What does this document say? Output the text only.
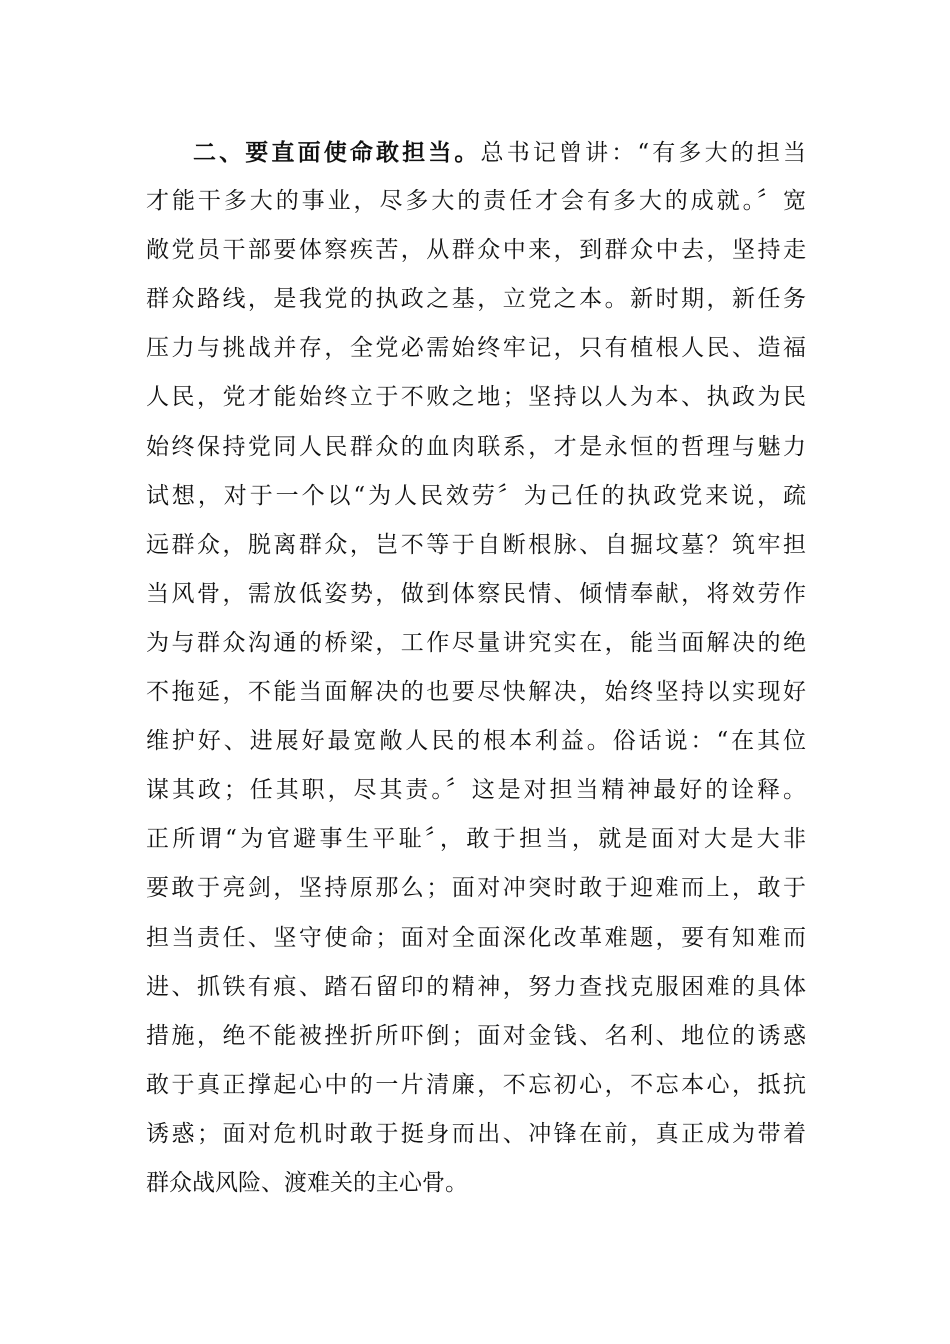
二、要直面使命敢担当。总书记曾讲：“有多大的担当
才能干多大的事业，尽多大的责任才会有多大的成就。〞宽
敞党员干部要体察疾苦，从群众中来，到群众中去，坚持走
群众路线，是我党的执政之基，立党之本。新时期，新任务
压力与挑战并存，全党必需始终牢记，只有植根人民、造福
人民，党才能始终立于不败之地；坚持以人为本、执政为民
始终保持党同人民群众的血肉联系，才是永恒的哲理与魅力
试想，对于一个以“为人民效劳〞为己任的执政党来说，疏
远群众，脱离群众，岂不等于自断根脉、自掘坟墓？筑牢担
当风骨，需放低姿势，做到体察民情、倾情奉献，将效劳作
为与群众沟通的桥梁，工作尽量讲究实在，能当面解决的绝
不拖延，不能当面解决的也要尽快解决，始终坚持以实现好
维护好、进展好最宽敞人民的根本利益。俗话说：“在其位
谋其政；任其职，尽其责。〞这是对担当精神最好的诠释。
正所谓“为官避事生平耻〞，敢于担当，就是面对大是大非
要敢于亮剑，坚持原那么；面对冲突时敢于迎难而上，敢于
担当责任、坚守使命；面对全面深化改革难题，要有知难而
进、抓铁有痕、踏石留印的精神，努力查找克服困难的具体
措施，绝不能被挫折所吓倒；面对金钱、名利、地位的诱惑
敢于真正撑起心中的一片清廉，不忘初心，不忘本心，抵抗
诱惑；面对危机时敢于挺身而出、冲锋在前，真正成为带着
群众战风险、渡难关的主心骨。
